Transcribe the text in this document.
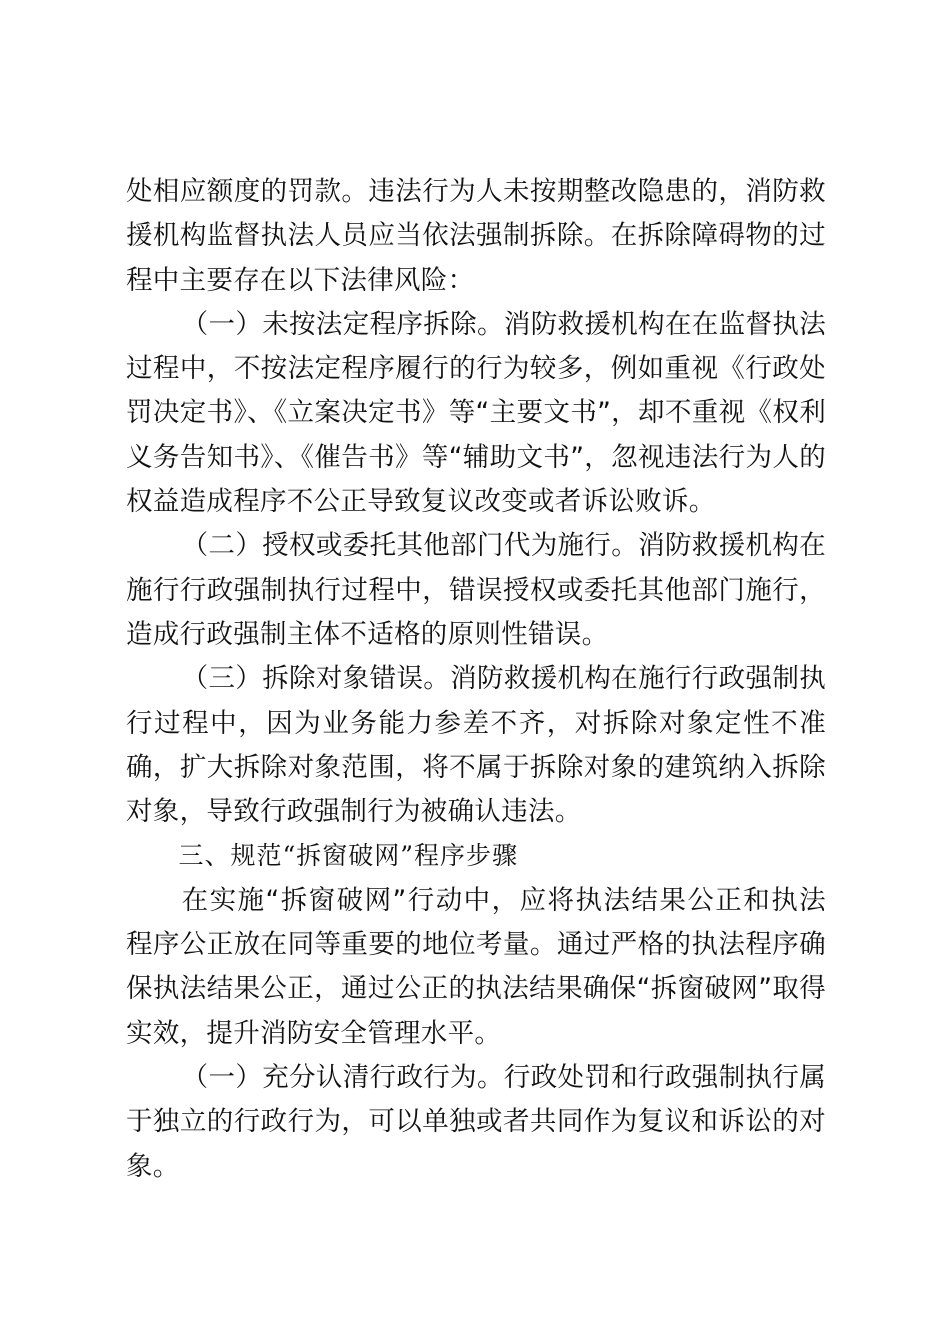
处相应额度的罚款。违法行为人未按期整改隐患的，消防救援机构监督执法人员应当依法强制拆除。在拆除障碍物的过程中主要存在以下法律风险：

（一）未按法定程序拆除。消防救援机构在在监督执法过程中，不按法定程序履行的行为较多，例如重视《行政处罚决定书》、《立案决定书》等“主要文书”，却不重视《权利义务告知书》、《催告书》等“辅助文书”，忽视违法行为人的权益造成程序不公正导致复议改变或者诉讼败诉。

（二）授权或委托其他部门代为施行。消防救援机构在施行行政强制执行过程中，错误授权或委托其他部门施行，造成行政强制主体不适格的原则性错误。

（三）拆除对象错误。消防救援机构在施行行政强制执行过程中，因为业务能力参差不齐，对拆除对象定性不准确，扩大拆除对象范围，将不属于拆除对象的建筑纳入拆除对象，导致行政强制行为被确认违法。

三、规范“拆窗破网”程序步骤

在实施“拆窗破网”行动中，应将执法结果公正和执法程序公正放在同等重要的地位考量。通过严格的执法程序确保执法结果公正，通过公正的执法结果确保“拆窗破网”取得实效，提升消防安全管理水平。

（一）充分认清行政行为。行政处罚和行政强制执行属于独立的行政行为，可以单独或者共同作为复议和诉讼的对象。
